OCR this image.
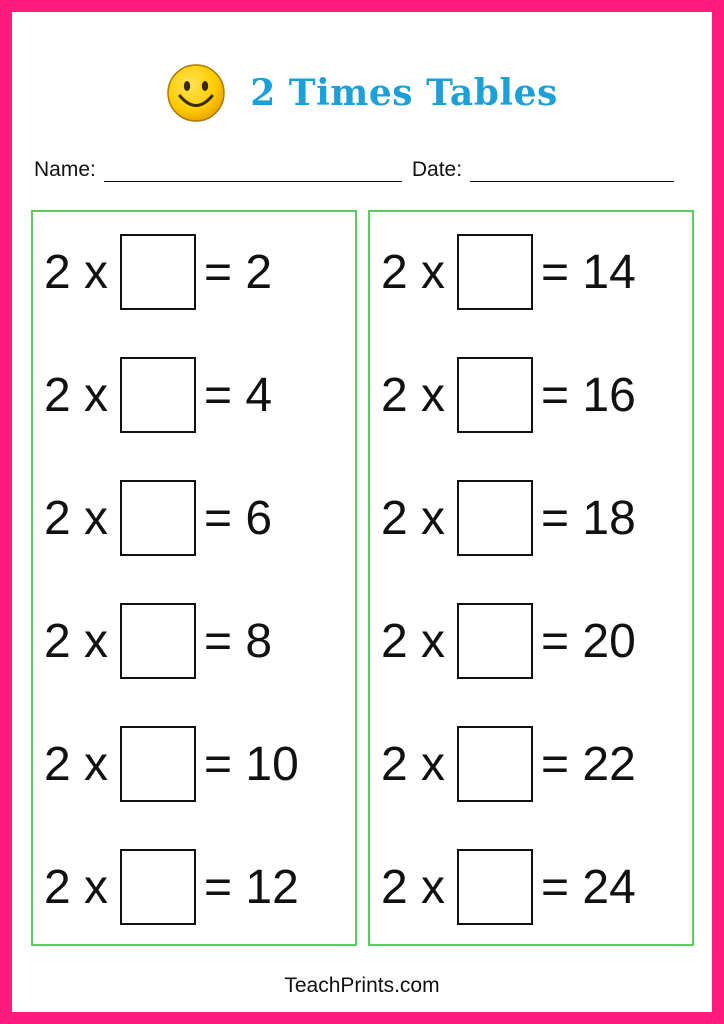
2 Times Tables
Name:	Date:
2 x = 2
2 x = 4
2 x = 6
2 x = 8
2 x = 10
2 x = 12
2 x = 14
2 x = 16
2 x = 18
2 x = 20
2 x = 22
2 x = 24
TeachPrints.com
